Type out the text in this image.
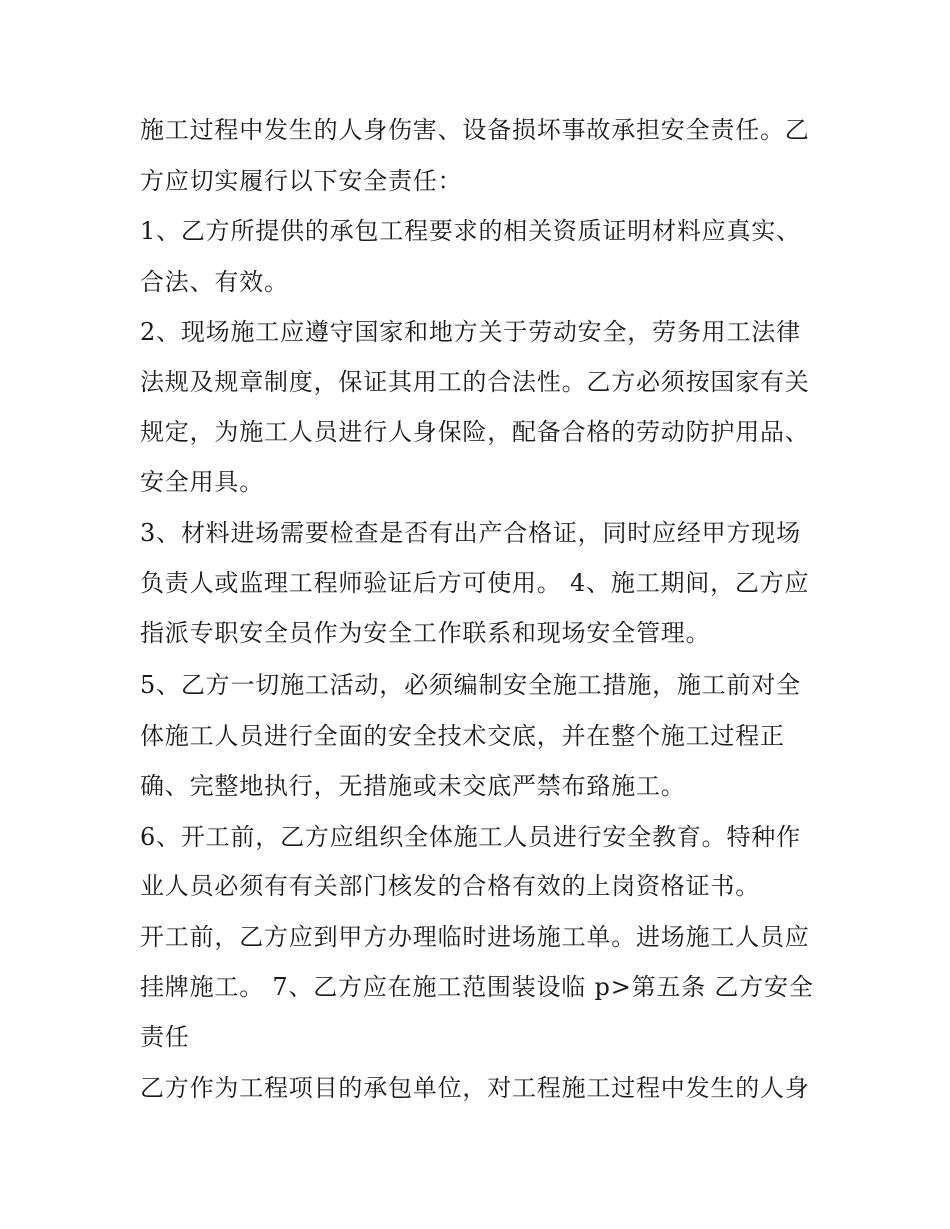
施工过程中发生的人身伤害、设备损坏事故承担安全责任。乙
方应切实履行以下安全责任：
1、乙方所提供的承包工程要求的相关资质证明材料应真实、
合法、有效。
2、现场施工应遵守国家和地方关于劳动安全，劳务用工法律
法规及规章制度，保证其用工的合法性。乙方必须按国家有关
规定，为施工人员进行人身保险，配备合格的劳动防护用品、
安全用具。
3、材料进场需要检查是否有出产合格证，同时应经甲方现场
负责人或监理工程师验证后方可使用。 4、施工期间，乙方应
指派专职安全员作为安全工作联系和现场安全管理。
5、乙方一切施工活动，必须编制安全施工措施，施工前对全
体施工人员进行全面的安全技术交底，并在整个施工过程正
确、完整地执行，无措施或未交底严禁布臵施工。
6、开工前，乙方应组织全体施工人员进行安全教育。特种作
业人员必须有有关部门核发的合格有效的上岗资格证书。
开工前，乙方应到甲方办理临时进场施工单。进场施工人员应
挂牌施工。 7、乙方应在施工范围装设临 p>第五条 乙方安全
责任
乙方作为工程项目的承包单位，对工程施工过程中发生的人身
